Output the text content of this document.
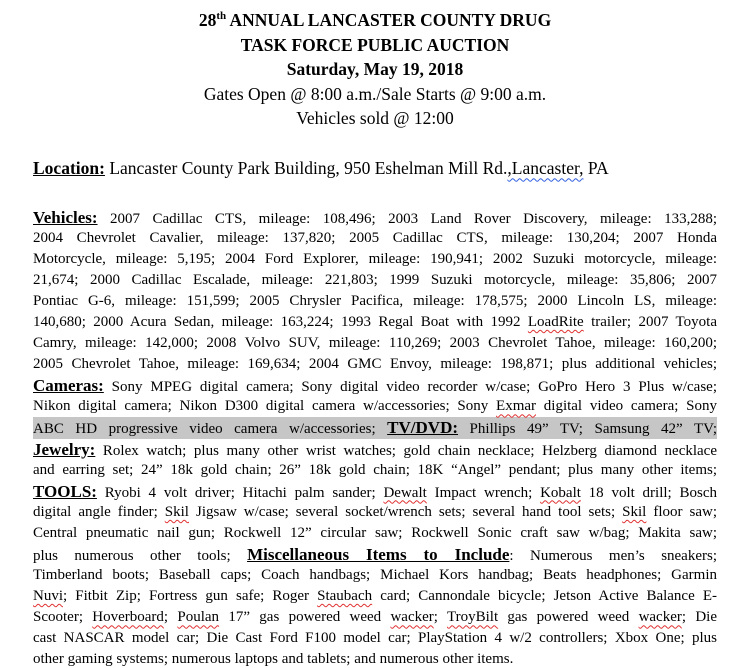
28th ANNUAL LANCASTER COUNTY DRUG
TASK FORCE PUBLIC AUCTION
Saturday, May 19, 2018
Gates Open @ 8:00 a.m./Sale Starts @ 9:00 a.m.
Vehicles sold @ 12:00
Location: Lancaster County Park Building, 950 Eshelman Mill Rd.,Lancaster, PA
Vehicles: 2007 Cadillac CTS, mileage: 108,496; 2003 Land Rover Discovery, mileage: 133,288;
2004 Chevrolet Cavalier, mileage: 137,820; 2005 Cadillac CTS, mileage: 130,204; 2007 Honda
Motorcycle, mileage: 5,195; 2004 Ford Explorer, mileage: 190,941; 2002 Suzuki motorcycle, mileage:
21,674; 2000 Cadillac Escalade, mileage: 221,803; 1999 Suzuki motorcycle, mileage: 35,806; 2007
Pontiac G-6, mileage: 151,599; 2005 Chrysler Pacifica, mileage: 178,575; 2000 Lincoln LS, mileage:
140,680; 2000 Acura Sedan, mileage: 163,224; 1993 Regal Boat with 1992 LoadRite trailer; 2007 Toyota
Camry, mileage: 142,000; 2008 Volvo SUV, mileage: 110,269; 2003 Chevrolet Tahoe, mileage: 160,200;
2005 Chevrolet Tahoe, mileage: 169,634; 2004 GMC Envoy, mileage: 198,871; plus additional vehicles;
Cameras: Sony MPEG digital camera; Sony digital video recorder w/case; GoPro Hero 3 Plus w/case;
Nikon digital camera; Nikon D300 digital camera w/accessories; Sony Exmar digital video camera; Sony
ABC HD progressive video camera w/accessories; TV/DVD: Phillips 49” TV; Samsung 42” TV;
Jewelry: Rolex watch; plus many other wrist watches; gold chain necklace; Helzberg diamond necklace
and earring set; 24” 18k gold chain; 26” 18k gold chain; 18K “Angel” pendant; plus many other items;
TOOLS: Ryobi 4 volt driver; Hitachi palm sander; Dewalt Impact wrench; Kobalt 18 volt drill; Bosch
digital angle finder; Skil Jigsaw w/case; several socket/wrench sets; several hand tool sets; Skil floor saw;
Central pneumatic nail gun; Rockwell 12” circular saw; Rockwell Sonic craft saw w/bag; Makita saw;
plus numerous other tools; Miscellaneous Items to Include: Numerous men’s sneakers;
Timberland boots; Baseball caps; Coach handbags; Michael Kors handbag; Beats headphones; Garmin
Nuvi; Fitbit Zip; Fortress gun safe; Roger Staubach card; Cannondale bicycle; Jetson Active Balance E-
Scooter; Hoverboard; Poulan 17” gas powered weed wacker; TroyBilt gas powered weed wacker; Die
cast NASCAR model car; Die Cast Ford F100 model car; PlayStation 4 w/2 controllers; Xbox One; plus
other gaming systems; numerous laptops and tablets; and numerous other items.
